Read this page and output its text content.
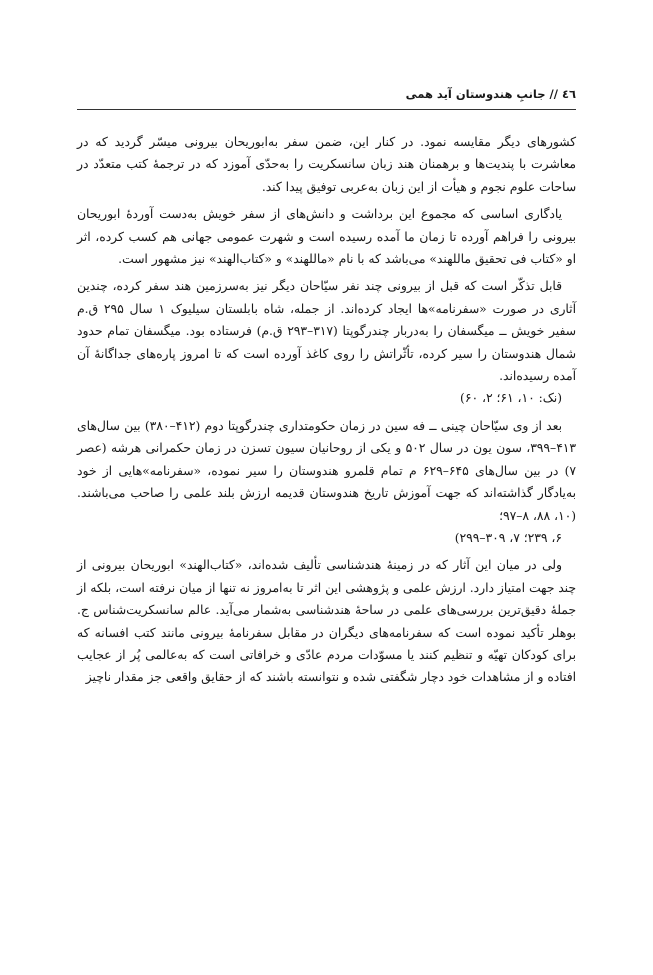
٤٦ // جانبِ هندوستان آید همی

کشورهای دیگر مقایسه نمود. در کنار این، ضمن سفر به‌ابوریحان بیرونی میسّر گردید که در معاشرت با پندیت‌ها و برهمنان هند زبان سانسکریت را به‌حدّی آموزد که در ترجمهٔ کتب متعدّد در ساحات علوم نجوم و هیأت از این زبان به‌عربی توفیق پیدا کند.

یادگاری اساسی که مجموع این برداشت و دانش‌های از سفر خویش به‌دست آوردهٔ ابوریحان بیرونی را فراهم آورده تا زمان ما آمده رسیده است و شهرت عمومی جهانی هم کسب کرده، اثر او «کتاب فی تحقیق ماللهند» می‌باشد که با نام «ماللهند» و «کتاب‌الهند» نیز مشهور است.

قابل تذکّر است که قبل از بیرونی چند نفر سیّاحان دیگر نیز به‌سرزمین هند سفر کرده، چندین آثاری در صورت «سفرنامه»ها ایجاد کرده‌اند. از جمله، شاه بابلستان سیلیوک ۱ سال ۲۹۵ ق.م سفیر خویش ــ میگسفان را به‌دربار چندرگوپتا (۳۱۷–۲۹۳ ق.م) فرستاده بود. میگسفان تمام حدود شمال هندوستان را سیر کرده، تأثّراتش را روی کاغذ آورده است که تا امروز پاره‌های جداگانهٔ آن آمده رسیده‌اند.
(نک: ۱۰، ۶۱؛ ۲، ۶۰)

بعد از وی سیّاحان چینی ــ فه سین در زمان حکومتداری چندرگوپتا دوم (۴۱۲–۳۸۰) بین سال‌های ۴۱۳–۳۹۹، سون یون در سال ۵۰۲ و یکی از روحانیان سیون تسزن در زمان حکمرانی هرشه (عصر ۷) در بین سال‌های ۶۴۵–۶۲۹ م تمام قلمرو هندوستان را سیر نموده، «سفرنامه»هایی از خود به‌یادگار گذاشته‌اند که جهت آموزش تاریخ هندوستان قدیمه ارزش بلند علمی را صاحب می‌باشند. (۱۰، ۸۸، ۸–۹۷؛
۶، ۲۳۹؛ ۷، ۳۰۹–۲۹۹)

ولی در میان این آثار که در زمینهٔ هندشناسی تألیف شده‌اند، «کتاب‌الهند» ابوریحان بیرونی از چند جهت امتیاز دارد. ارزش علمی و پژوهشی این اثر تا به‌امروز نه تنها از میان نرفته است، بلکه از جملهٔ دقیق‌ترین بررسی‌های علمی در ساحهٔ هندشناسی به‌شمار می‌آید. عالم سانسکریت‌شناس ج. بوهلر تأکید نموده است که سفرنامه‌های دیگران در مقابل سفرنامهٔ بیرونی مانند کتب افسانه که برای کودکان تهیّه و تنظیم کنند یا مسوّدات مردم عادّی و خرافاتی است که به‌عالمی پُر از عجایب افتاده و از مشاهدات خود دچار شگفتی شده و نتوانسته باشند که از حقایق واقعی جز مقدار ناچیز
